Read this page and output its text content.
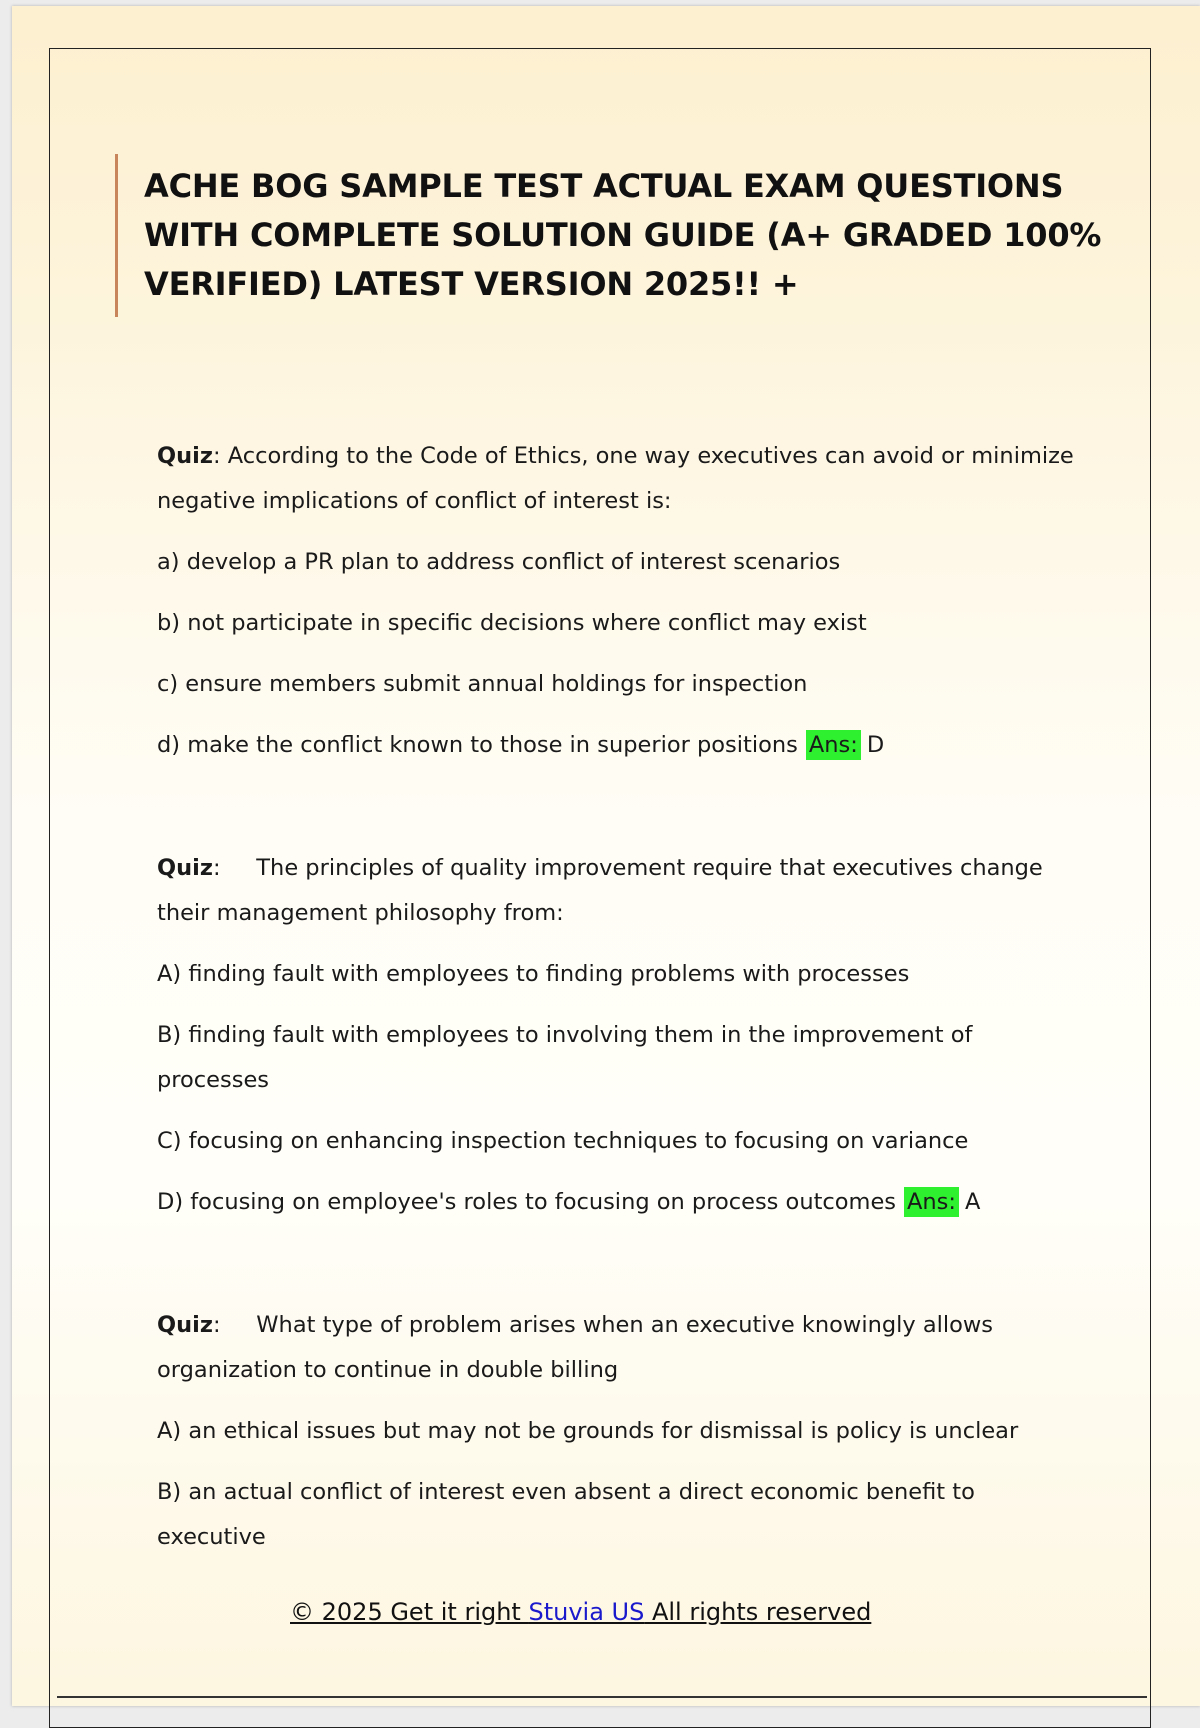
ACHE BOG SAMPLE TEST ACTUAL EXAM QUESTIONS WITH COMPLETE SOLUTION GUIDE (A+ GRADED 100% VERIFIED) LATEST VERSION 2025!! +

Quiz: According to the Code of Ethics, one way executives can avoid or minimize negative implications of conflict of interest is:

a) develop a PR plan to address conflict of interest scenarios

b) not participate in specific decisions where conflict may exist

c) ensure members submit annual holdings for inspection

d) make the conflict known to those in superior positions Ans: D

Quiz:     The principles of quality improvement require that executives change their management philosophy from:

A) finding fault with employees to finding problems with processes

B) finding fault with employees to involving them in the improvement of processes

C) focusing on enhancing inspection techniques to focusing on variance

D) focusing on employee's roles to focusing on process outcomes Ans: A

Quiz:     What type of problem arises when an executive knowingly allows organization to continue in double billing

A) an ethical issues but may not be grounds for dismissal is policy is unclear

B) an actual conflict of interest even absent a direct economic benefit to executive

© 2025 Get it right Stuvia US All rights reserved
